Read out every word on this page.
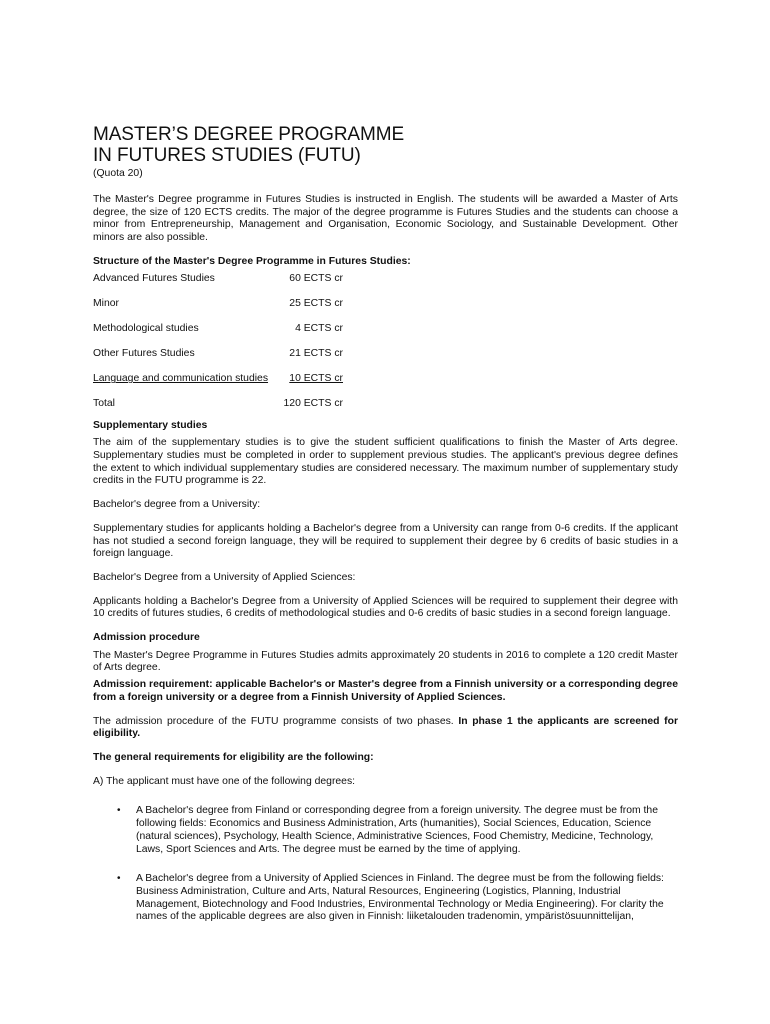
MASTER’S DEGREE PROGRAMME
IN FUTURES STUDIES (FUTU)
(Quota 20)

The Master's Degree programme in Futures Studies is instructed in English. The students will be awarded a Master of Arts degree, the size of 120 ECTS credits. The major of the degree programme is Futures Studies and the students can choose a minor from Entrepreneurship, Management and Organisation, Economic Sociology, and Sustainable Development. Other minors are also possible.

Structure of the Master's Degree Programme in Futures Studies:

Advanced Futures Studies	60 ECTS cr
Minor	25 ECTS cr
Methodological studies	4 ECTS cr
Other Futures Studies	21 ECTS cr
Language and communication studies	10 ECTS cr
Total	120 ECTS cr

Supplementary studies

The aim of the supplementary studies is to give the student sufficient qualifications to finish the Master of Arts degree. Supplementary studies must be completed in order to supplement previous studies. The applicant's previous degree defines the extent to which individual supplementary studies are considered necessary. The maximum number of supplementary study credits in the FUTU programme is 22.

Bachelor's degree from a University:

Supplementary studies for applicants holding a Bachelor's degree from a University can range from 0-6 credits. If the applicant has not studied a second foreign language, they will be required to supplement their degree by 6 credits of basic studies in a foreign language.

Bachelor's Degree from a University of Applied Sciences:

Applicants holding a Bachelor's Degree from a University of Applied Sciences will be required to supplement their degree with 10 credits of futures studies, 6 credits of methodological studies and 0-6 credits of basic studies in a second foreign language.

Admission procedure

The Master's Degree Programme in Futures Studies admits approximately 20 students in 2016 to complete a 120 credit Master of Arts degree.

Admission requirement: applicable Bachelor's or Master's degree from a Finnish university or a corresponding degree from a foreign university or a degree from a Finnish University of Applied Sciences.

The admission procedure of the FUTU programme consists of two phases. In phase 1 the applicants are screened for eligibility.

The general requirements for eligibility are the following:

A) The applicant must have one of the following degrees:

• A Bachelor's degree from Finland or corresponding degree from a foreign university. The degree must be from the following fields: Economics and Business Administration, Arts (humanities), Social Sciences, Education, Science (natural sciences), Psychology, Health Science, Administrative Sciences, Food Chemistry, Medicine, Technology, Laws, Sport Sciences and Arts. The degree must be earned by the time of applying.
• A Bachelor's degree from a University of Applied Sciences in Finland. The degree must be from the following fields: Business Administration, Culture and Arts, Natural Resources, Engineering (Logistics, Planning, Industrial Management, Biotechnology and Food Industries, Environmental Technology or Media Engineering). For clarity the names of the applicable degrees are also given in Finnish: liiketalouden tradenomin, ympäristösuunnittelijan,
